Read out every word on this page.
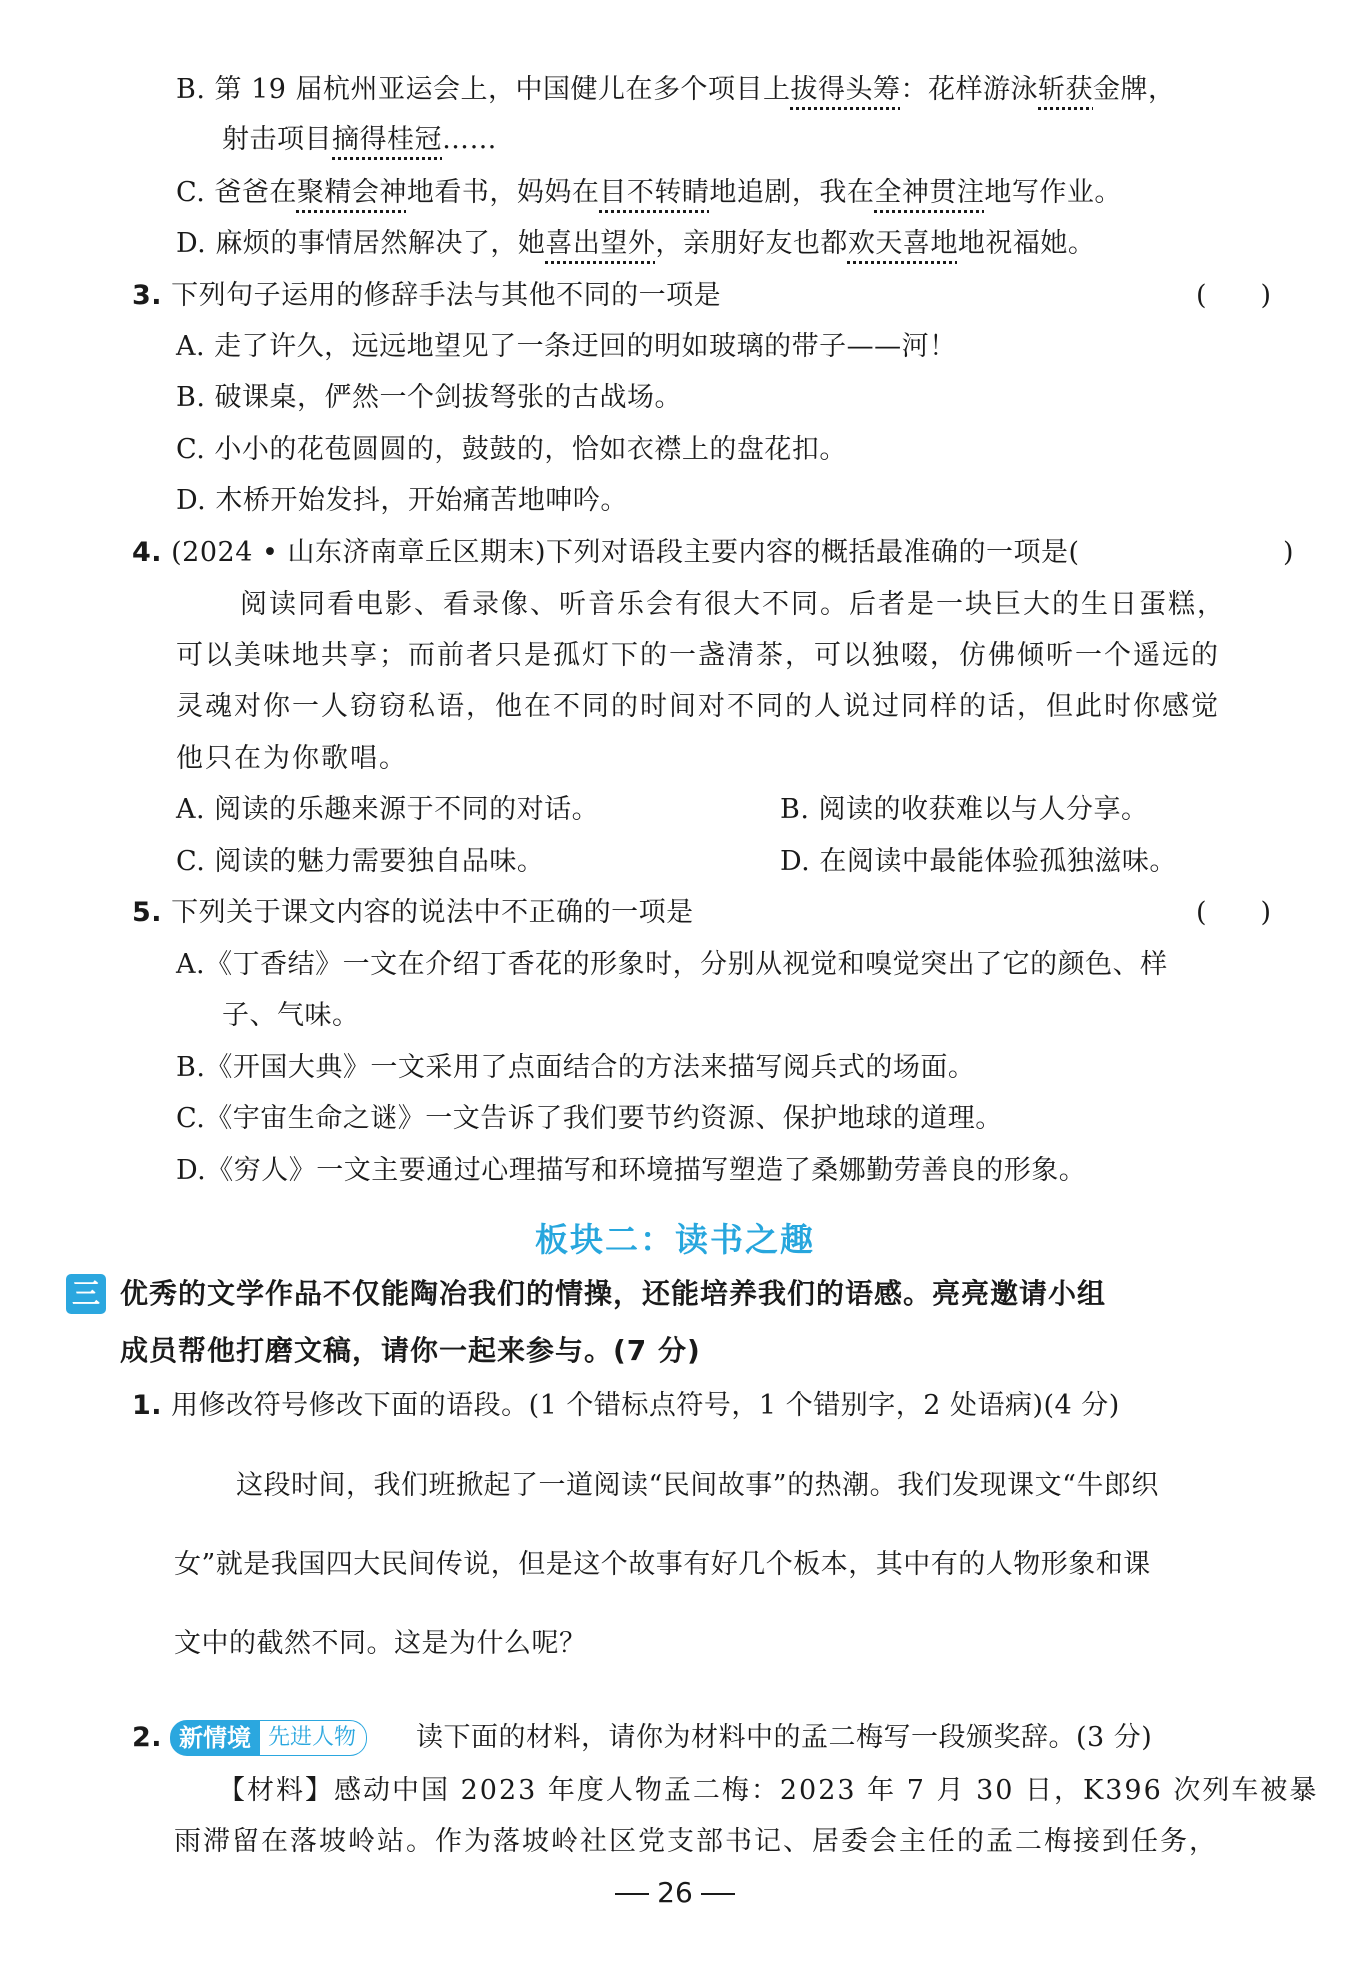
B. 第 19 届杭州亚运会上，中国健儿在多个项目上拔得头筹：花样游泳斩获金牌，
射击项目摘得桂冠……
C. 爸爸在聚精会神地看书，妈妈在目不转睛地追剧，我在全神贯注地写作业。
D. 麻烦的事情居然解决了，她喜出望外，亲朋好友也都欢天喜地地祝福她。
3. 下列句子运用的修辞手法与其他不同的一项是	(　　)
A. 走了许久，远远地望见了一条迂回的明如玻璃的带子——河！
B. 破课桌，俨然一个剑拔弩张的古战场。
C. 小小的花苞圆圆的，鼓鼓的，恰如衣襟上的盘花扣。
D. 木桥开始发抖，开始痛苦地呻吟。
4. (2024 • 山东济南章丘区期末)下列对语段主要内容的概括最准确的一项是(	)
阅读同看电影、看录像、听音乐会有很大不同。后者是一块巨大的生日蛋糕，
可以美味地共享；而前者只是孤灯下的一盏清茶，可以独啜，仿佛倾听一个遥远的
灵魂对你一人窃窃私语，他在不同的时间对不同的人说过同样的话，但此时你感觉
他只在为你歌唱。
A. 阅读的乐趣来源于不同的对话。	B. 阅读的收获难以与人分享。
C. 阅读的魅力需要独自品味。	D. 在阅读中最能体验孤独滋味。
5. 下列关于课文内容的说法中不正确的一项是	(　　)
A.《丁香结》一文在介绍丁香花的形象时，分别从视觉和嗅觉突出了它的颜色、样
子、气味。
B.《开国大典》一文采用了点面结合的方法来描写阅兵式的场面。
C.《宇宙生命之谜》一文告诉了我们要节约资源、保护地球的道理。
D.《穷人》一文主要通过心理描写和环境描写塑造了桑娜勤劳善良的形象。
板块二：读书之趣
三 优秀的文学作品不仅能陶冶我们的情操，还能培养我们的语感。亮亮邀请小组
成员帮他打磨文稿，请你一起来参与。(7 分)
1. 用修改符号修改下面的语段。(1 个错标点符号，1 个错别字，2 处语病)(4 分)
这段时间，我们班掀起了一道阅读“民间故事”的热潮。我们发现课文“牛郎织
女”就是我国四大民间传说，但是这个故事有好几个板本，其中有的人物形象和课
文中的截然不同。这是为什么呢？
2. 新情境 先进人物	读下面的材料，请你为材料中的孟二梅写一段颁奖辞。(3 分)
【材料】感动中国 2023 年度人物孟二梅：2023 年 7 月 30 日，K396 次列车被暴
雨滞留在落坡岭站。作为落坡岭社区党支部书记、居委会主任的孟二梅接到任务，
26
